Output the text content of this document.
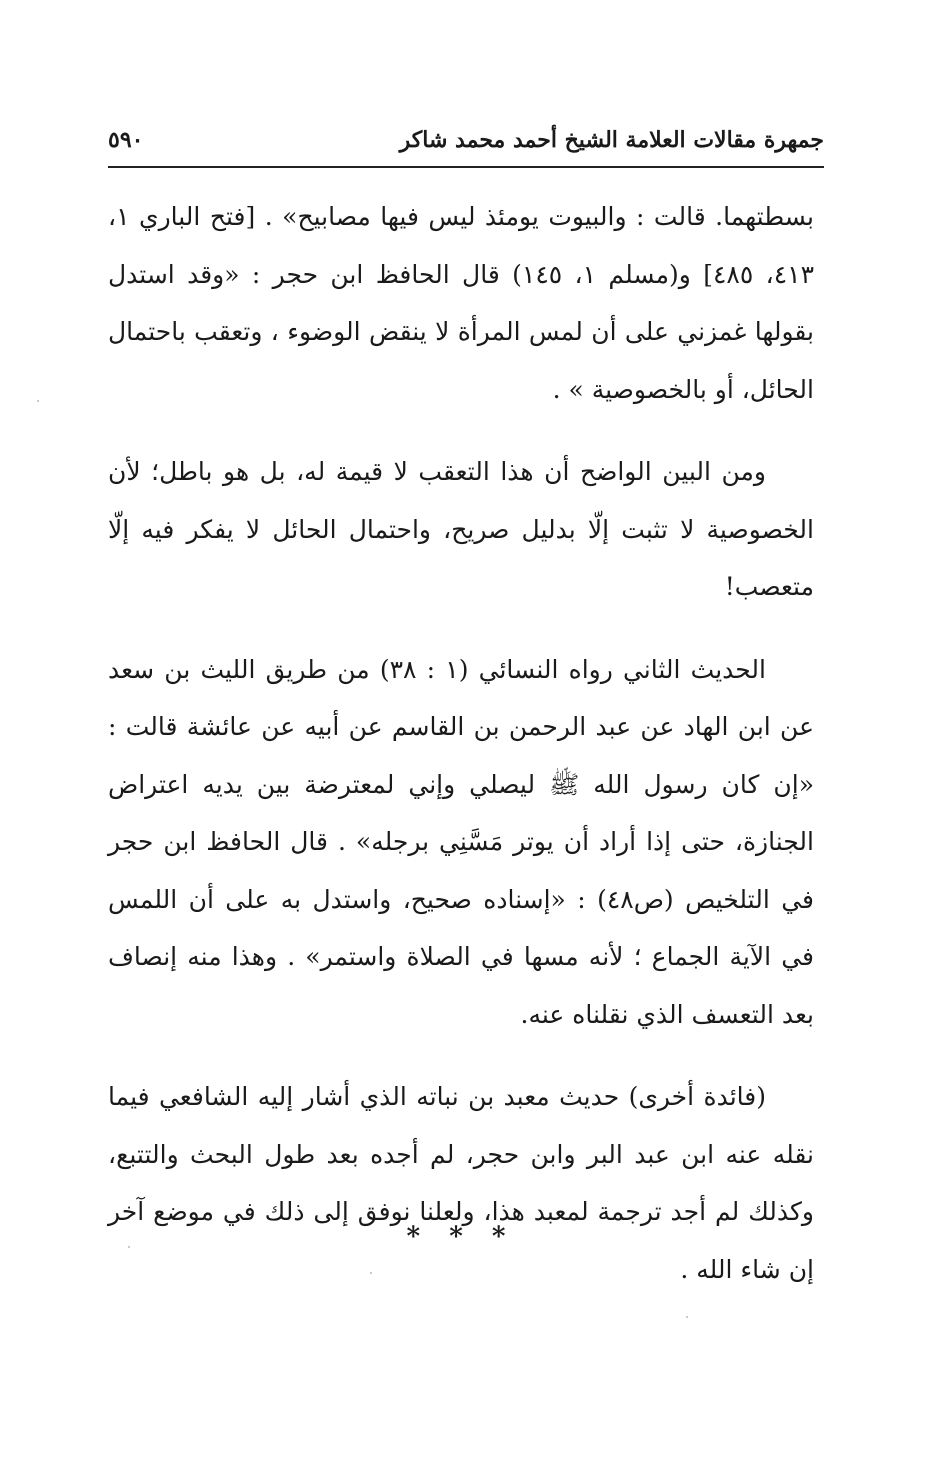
جمهرة مقالات العلامة الشيخ أحمد محمد شاكر
٥٩٠

بسطتهما. قالت : والبيوت يومئذ ليس فيها مصابيح» . [فتح الباري ١، ٤١٣، ٤٨٥] و(مسلم ١، ١٤٥) قال الحافظ ابن حجر : «وقد استدل بقولها غمزني على أن لمس المرأة لا ينقض الوضوء ، وتعقب باحتمال الحائل، أو بالخصوصية » .

ومن البين الواضح أن هذا التعقب لا قيمة له، بل هو باطل؛ لأن الخصوصية لا تثبت إلّا بدليل صريح، واحتمال الحائل لا يفكر فيه إلّا متعصب!

الحديث الثاني رواه النسائي (١ : ٣٨) من طريق الليث بن سعد عن ابن الهاد عن عبد الرحمن بن القاسم عن أبيه عن عائشة قالت : «إن كان رسول الله ﷺ ليصلي وإني لمعترضة بين يديه اعتراض الجنازة، حتى إذا أراد أن يوتر مَسَّنِي برجله» . قال الحافظ ابن حجر في التلخيص (ص٤٨) : «إسناده صحيح، واستدل به على أن اللمس في الآية الجماع ؛ لأنه مسها في الصلاة واستمر» . وهذا منه إنصاف بعد التعسف الذي نقلناه عنه.

(فائدة أخرى) حديث معبد بن نباته الذي أشار إليه الشافعي فيما نقله عنه ابن عبد البر وابن حجر، لم أجده بعد طول البحث والتتبع، وكذلك لم أجد ترجمة لمعبد هذا، ولعلنا نوفق إلى ذلك في موضع آخر إن شاء الله .

* * *
